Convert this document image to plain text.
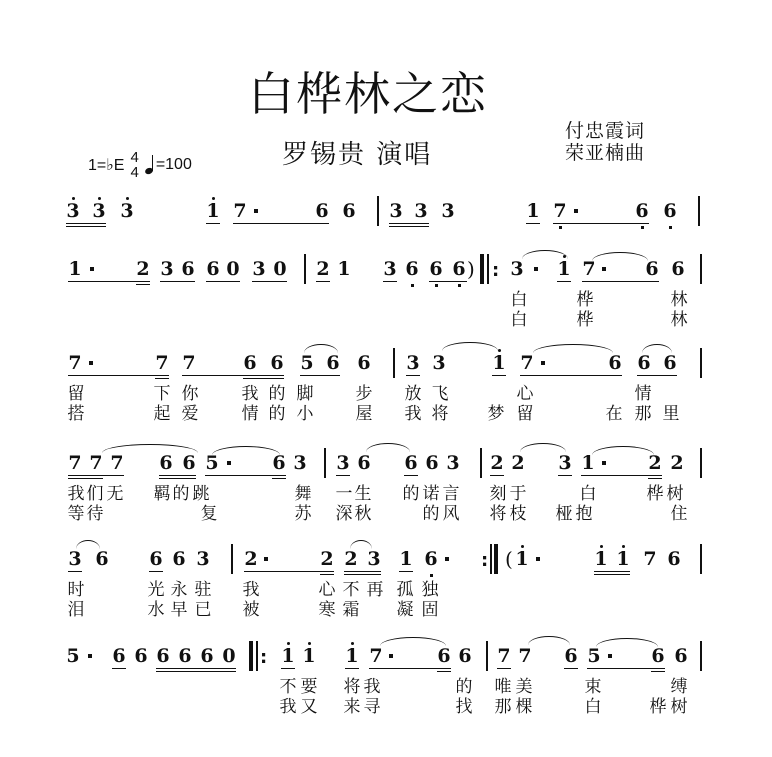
白桦林之恋
罗锡贵 演唱
付忠霞词
荣亚楠曲
1=♭E 4
4 =100
3 3 3	1 7	6 6 3 3 3	1 7	6 6
1	2 3 6 6 0 3 0 2 1 3 6 6 6 ) : 3 1 7	6 6
白	桦	林
白	桦	林
7	7 7	6 6 5 6 6 3 3 1 7	6 6 6
留	下 你	我 的 脚 步 放 飞	心	情
搭	起 爱	情 的 小 屋 我 将 梦 留	在 那 里
7 7 7 6 6 5	6 3 3 6 6 6 3 2 2 3 1	2 2
我 们 无 羁 的 跳	舞 一 生 的 诺 言 刻 于	白	桦 树
等 待	复	苏 深 秋	的 风 将 枝 桠 抱	住
3 6 6 6 3 2	2 2 3 1 6 : ( 1	1 1 7 6
时	光 永 驻 我	心 不 再 孤 独
泪	水 早 已 被	寒 霜 凝 固
5 6 6 6 6 6 0 : 1 1 1 7	6 6 7 7 6 5	6 6
不 要 将 我	的 唯 美	束	缚
我 又 来 寻	找 那 棵	白	桦 树
